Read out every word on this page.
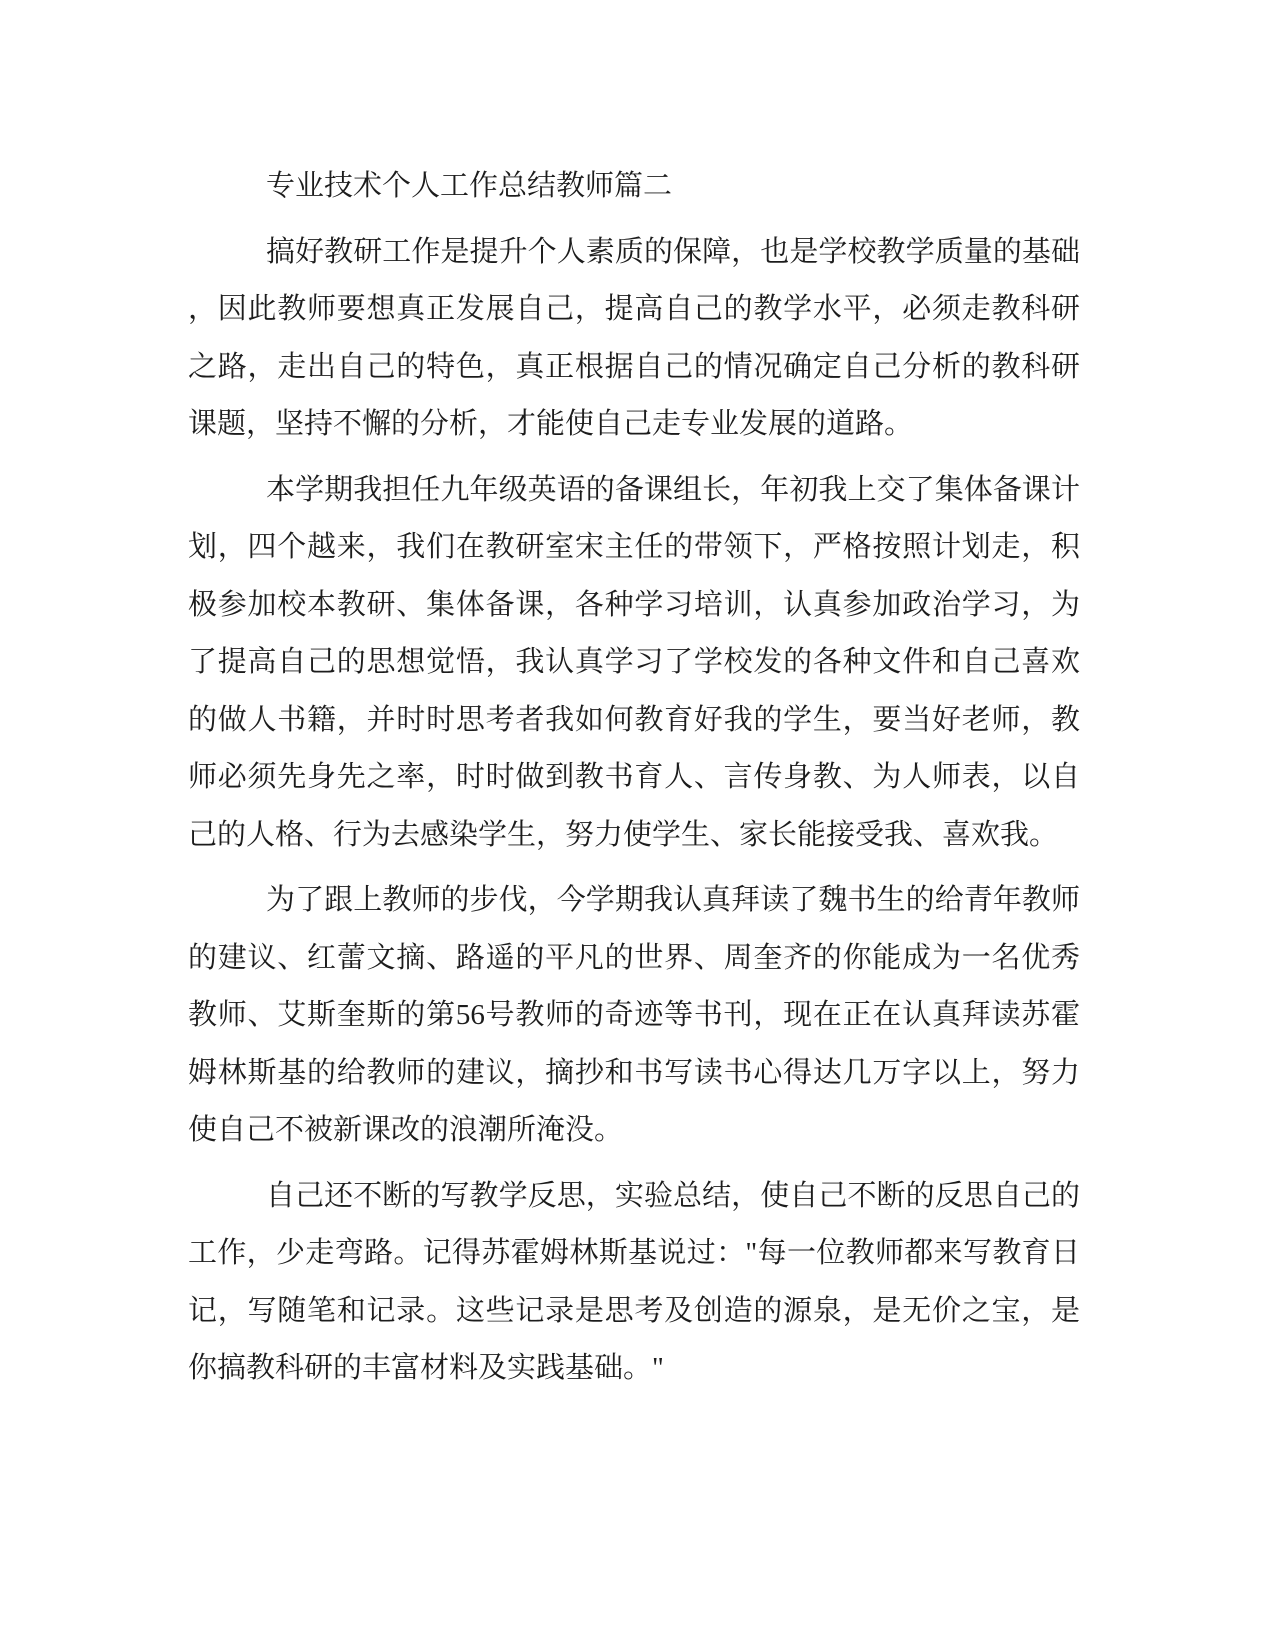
专业技术个人工作总结教师篇二

搞好教研工作是提升个人素质的保障，也是学校教学质量的基础，因此教师要想真正发展自己，提高自己的教学水平，必须走教科研之路，走出自己的特色，真正根据自己的情况确定自己分析的教科研课题，坚持不懈的分析，才能使自己走专业发展的道路。

本学期我担任九年级英语的备课组长，年初我上交了集体备课计划，四个越来，我们在教研室宋主任的带领下，严格按照计划走，积极参加校本教研、集体备课，各种学习培训，认真参加政治学习，为了提高自己的思想觉悟，我认真学习了学校发的各种文件和自己喜欢的做人书籍，并时时思考者我如何教育好我的学生，要当好老师，教师必须先身先之率，时时做到教书育人、言传身教、为人师表，以自己的人格、行为去感染学生，努力使学生、家长能接受我、喜欢我。

为了跟上教师的步伐，今学期我认真拜读了魏书生的给青年教师的建议、红蕾文摘、路遥的平凡的世界、周奎齐的你能成为一名优秀教师、艾斯奎斯的第56号教师的奇迹等书刊，现在正在认真拜读苏霍姆林斯基的给教师的建议，摘抄和书写读书心得达几万字以上，努力使自己不被新课改的浪潮所淹没。

自己还不断的写教学反思，实验总结，使自己不断的反思自己的工作，少走弯路。记得苏霍姆林斯基说过："每一位教师都来写教育日记，写随笔和记录。这些记录是思考及创造的源泉，是无价之宝，是你搞教科研的丰富材料及实践基础。"
